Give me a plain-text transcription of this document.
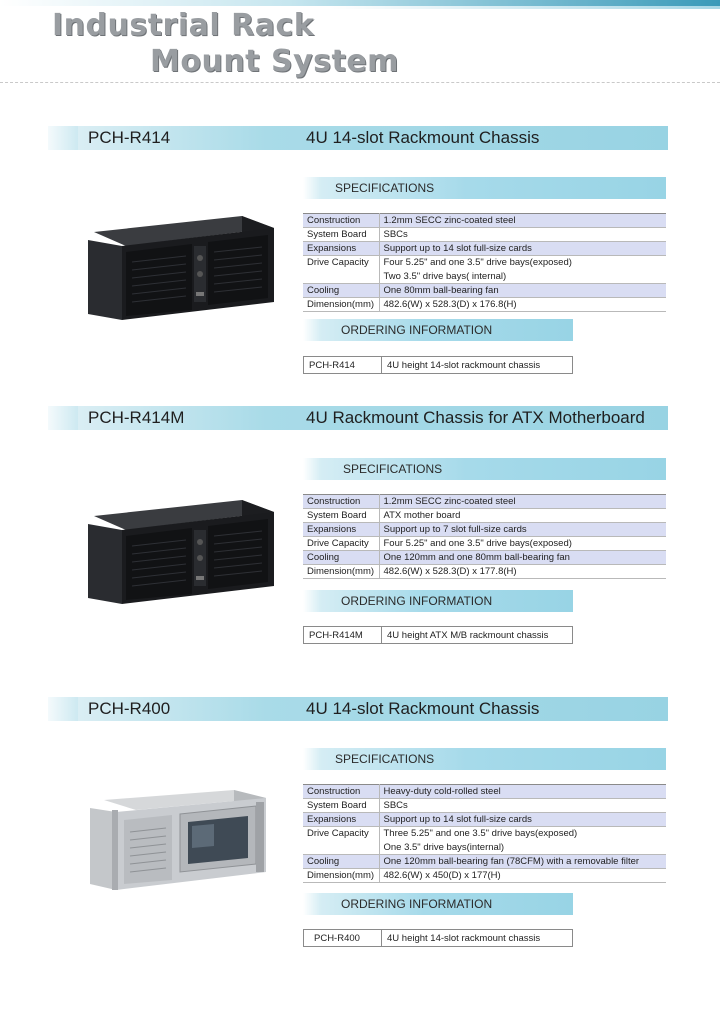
Industrial Rack
Mount System
PCH-R414	4U 14-slot Rackmount Chassis
SPECIFICATIONS
Construction	1.2mm SECC zinc-coated steel
System Board	SBCs
Expansions	Support up to 14 slot full-size cards
Drive Capacity	Four 5.25" and one 3.5" drive bays(exposed)
	Two 3.5" drive bays( internal)
Cooling	One 80mm ball-bearing fan
Dimension(mm)	482.6(W) x 528.3(D) x 176.8(H)
ORDERING INFORMATION
PCH-R414	4U height 14-slot rackmount chassis
PCH-R414M	4U Rackmount Chassis for ATX Motherboard
SPECIFICATIONS
Construction	1.2mm SECC zinc-coated steel
System Board	ATX mother board
Expansions	Support up to 7 slot full-size cards
Drive Capacity	Four 5.25" and one 3.5" drive bays(exposed)
Cooling	One 120mm and one 80mm ball-bearing fan
Dimension(mm)	482.6(W) x 528.3(D) x 177.8(H)
ORDERING INFORMATION
PCH-R414M	4U height ATX M/B rackmount chassis
PCH-R400	4U 14-slot Rackmount Chassis
SPECIFICATIONS
Construction	Heavy-duty cold-rolled steel
System Board	SBCs
Expansions	Support up to 14 slot full-size cards
Drive Capacity	Three 5.25" and one 3.5" drive bays(exposed)
	One 3.5" drive bays(internal)
Cooling	One 120mm ball-bearing fan (78CFM) with a removable filter
Dimension(mm)	482.6(W) x 450(D) x 177(H)
ORDERING INFORMATION
PCH-R400	4U height 14-slot rackmount chassis
